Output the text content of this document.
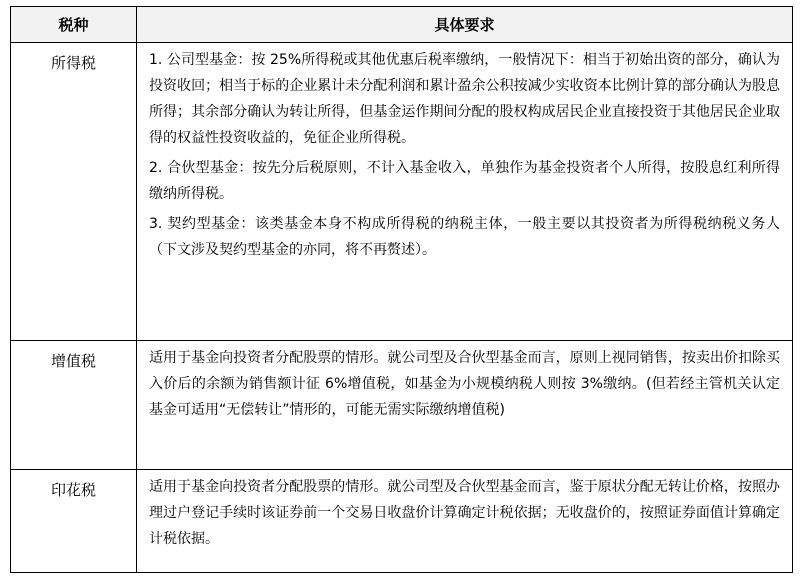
税种	具体要求
所得税	1. 公司型基金：按 25%所得税或其他优惠后税率缴纳，一般情况下：相当于初始出资的部分，确认为投资收回；相当于标的企业累计未分配利润和累计盈余公积按减少实收资本比例计算的部分确认为股息所得；其余部分确认为转让所得，但基金运作期间分配的股权构成居民企业直接投资于其他居民企业取得的权益性投资收益的，免征企业所得税。

2. 合伙型基金：按先分后税原则，不计入基金收入，单独作为基金投资者个人所得，按股息红利所得缴纳所得税。

3. 契约型基金：该类基金本身不构成所得税的纳税主体，一般主要以其投资者为所得税纳税义务人（下文涉及契约型基金的亦同，将不再赘述）。

增值税	适用于基金向投资者分配股票的情形。就公司型及合伙型基金而言，原则上视同销售，按卖出价扣除买入价后的余额为销售额计征 6%增值税，如基金为小规模纳税人则按 3%缴纳。(但若经主管机关认定基金可适用“无偿转让”情形的，可能无需实际缴纳增值税)

印花税	适用于基金向投资者分配股票的情形。就公司型及合伙型基金而言，鉴于原状分配无转让价格，按照办理过户登记手续时该证券前一个交易日收盘价计算确定计税依据；无收盘价的，按照证券面值计算确定计税依据。
